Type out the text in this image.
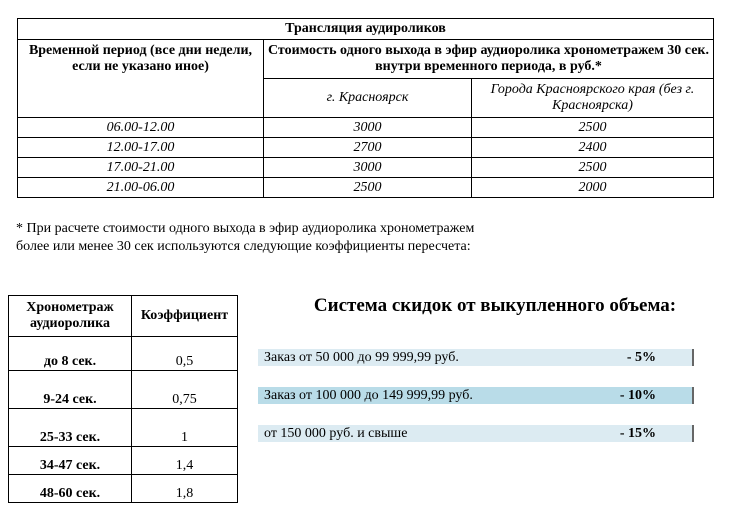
Трансляция аудироликов		
Временной период (все дни недели, если не указано иное)	Стоимость одного выхода в эфир аудиоролика хронометражем 30 сек. внутри временного периода, в руб.*	
	г. Красноярск	Города Красноярского края (без г. Красноярска)
06.00-12.00	3000	2500
12.00-17.00	2700	2400
17.00-21.00	3000	2500
21.00-06.00	2500	2000
* При расчете стоимости одного выхода в эфир аудиоролика хронометражем
более или менее 30 сек используются следующие коэффициенты пересчета:
Хронометраж аудиоролика	Коэффициент
до 8 сек.	0,5
9-24 сек.	0,75
25-33 сек.	1
34-47 сек.	1,4
48-60 сек.	1,8
Система скидок от выкупленного объема:
Заказ от 50 000 до 99 999,99 руб.	- 5%
Заказ от 100 000 до 149 999,99 руб.	- 10%
от 150 000 руб. и свыше	- 15%
